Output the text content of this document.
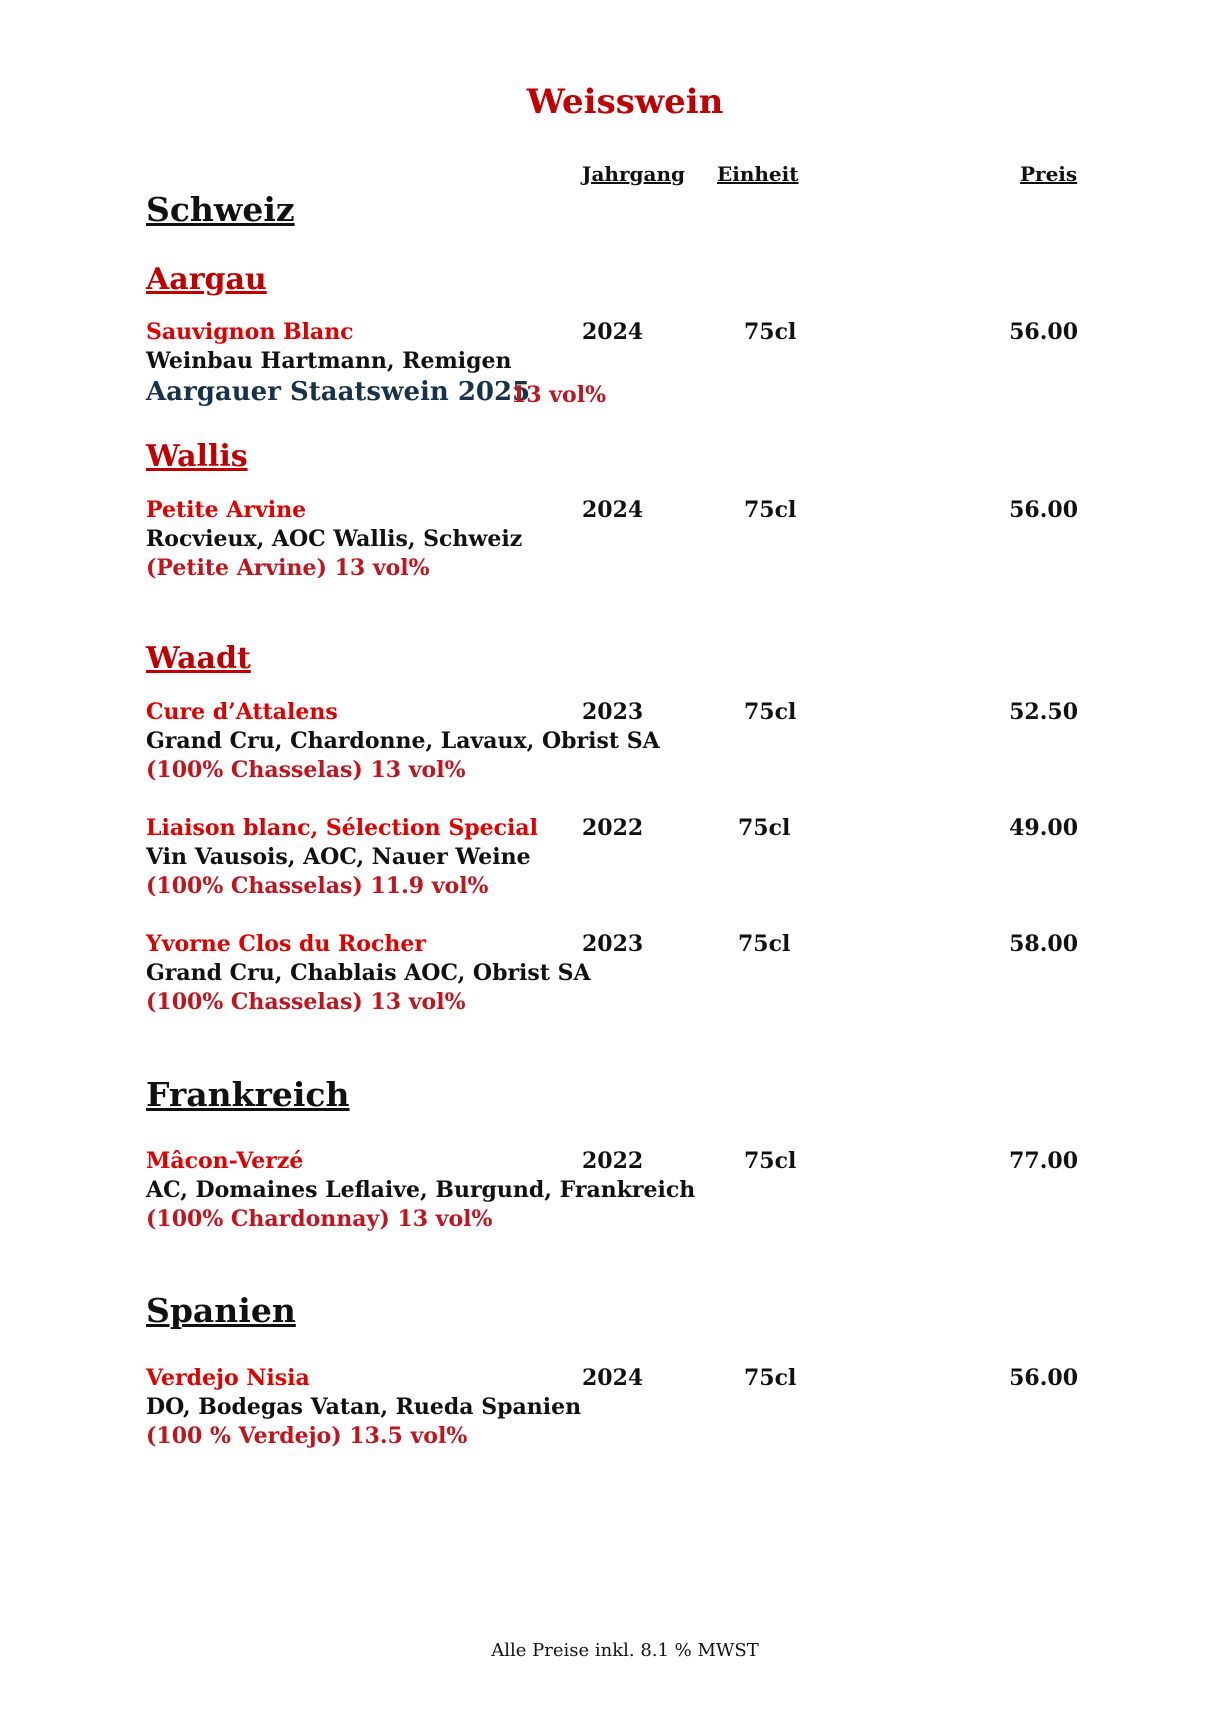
Weisswein
Jahrgang Einheit	Preis
Schweiz
Aargau
Sauvignon Blanc	2024	75cl	56.00
Weinbau Hartmann, Remigen
Aargauer Staatswein 2025
13 vol%
Wallis
Petite Arvine	2024	75cl	56.00
Rocvieux, AOC Wallis, Schweiz
(Petite Arvine) 13 vol%
Waadt
Cure d’Attalens	2023	75cl	52.50
Grand Cru, Chardonne, Lavaux, Obrist SA
(100% Chasselas) 13 vol%
Liaison blanc, Sélection Special 2022	75cl	49.00
Vin Vausois, AOC, Nauer Weine
(100% Chasselas) 11.9 vol%
Yvorne Clos du Rocher	2023	75cl	58.00
Grand Cru, Chablais AOC, Obrist SA
(100% Chasselas) 13 vol%
Frankreich
Mâcon-Verzé	2022	75cl	77.00
AC, Domaines Leflaive, Burgund, Frankreich
(100% Chardonnay) 13 vol%
Spanien
Verdejo Nisia	2024	75cl	56.00
DO, Bodegas Vatan, Rueda Spanien
(100 % Verdejo) 13.5 vol%
Alle Preise inkl. 8.1 % MWST
